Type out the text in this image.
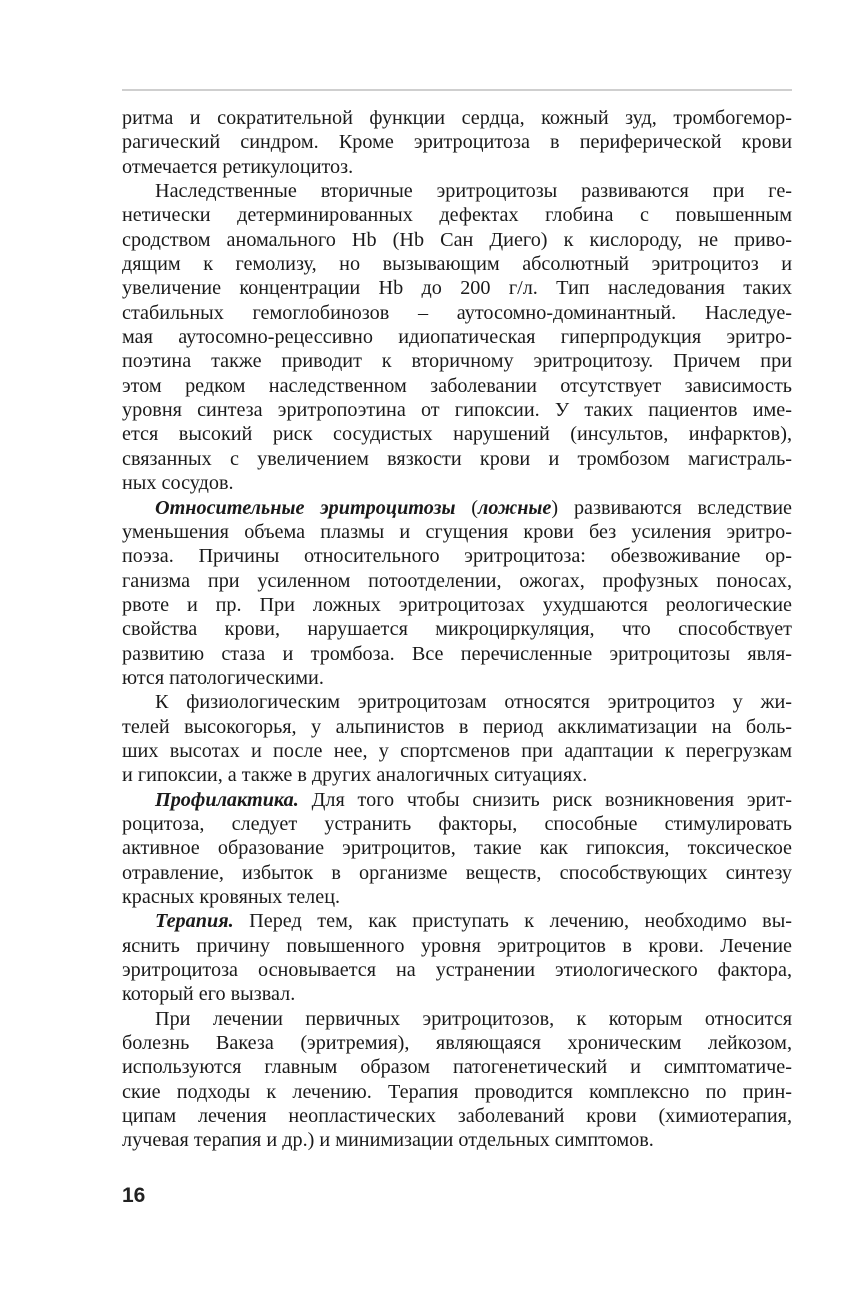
ритма и сократительной функции сердца, кожный зуд, тромбогемор-
рагический синдром. Кроме эритроцитоза в периферической крови
отмечается ретикулоцитоз.

Наследственные вторичные эритроцитозы развиваются при ге-
нетически детерминированных дефектах глобина с повышенным
сродством аномального Hb (Hb Сан Диего) к кислороду, не приво-
дящим к гемолизу, но вызывающим абсолютный эритроцитоз и
увеличение концентрации Hb до 200 г/л. Тип наследования таких
стабильных гемоглобинозов – аутосомно-доминантный. Наследуе-
мая аутосомно-рецессивно идиопатическая гиперпродукция эритро-
поэтина также приводит к вторичному эритроцитозу. Причем при
этом редком наследственном заболевании отсутствует зависимость
уровня синтеза эритропоэтина от гипоксии. У таких пациентов име-
ется высокий риск сосудистых нарушений (инсультов, инфарктов),
связанных с увеличением вязкости крови и тромбозом магистраль-
ных сосудов.

Относительные эритроцитозы (ложные) развиваются вследствие
уменьшения объема плазмы и сгущения крови без усиления эритро-
поэза. Причины относительного эритроцитоза: обезвоживание ор-
ганизма при усиленном потоотделении, ожогах, профузных поносах,
рвоте и пр. При ложных эритроцитозах ухудшаются реологические
свойства крови, нарушается микроциркуляция, что способствует
развитию стаза и тромбоза. Все перечисленные эритроцитозы явля-
ются патологическими.

К физиологическим эритроцитозам относятся эритроцитоз у жи-
телей высокогорья, у альпинистов в период акклиматизации на боль-
ших высотах и после нее, у спортсменов при адаптации к перегрузкам
и гипоксии, а также в других аналогичных ситуациях.

Профилактика. Для того чтобы снизить риск возникновения эрит-
роцитоза, следует устранить факторы, способные стимулировать
активное образование эритроцитов, такие как гипоксия, токсическое
отравление, избыток в организме веществ, способствующих синтезу
красных кровяных телец.

Терапия. Перед тем, как приступать к лечению, необходимо вы-
яснить причину повышенного уровня эритроцитов в крови. Лечение
эритроцитоза основывается на устранении этиологического фактора,
который его вызвал.

При лечении первичных эритроцитозов, к которым относится
болезнь Вакеза (эритремия), являющаяся хроническим лейкозом,
используются главным образом патогенетический и симптоматиче-
ские подходы к лечению. Терапия проводится комплексно по прин-
ципам лечения неопластических заболеваний крови (химиотерапия,
лучевая терапия и др.) и минимизации отдельных симптомов.

16
